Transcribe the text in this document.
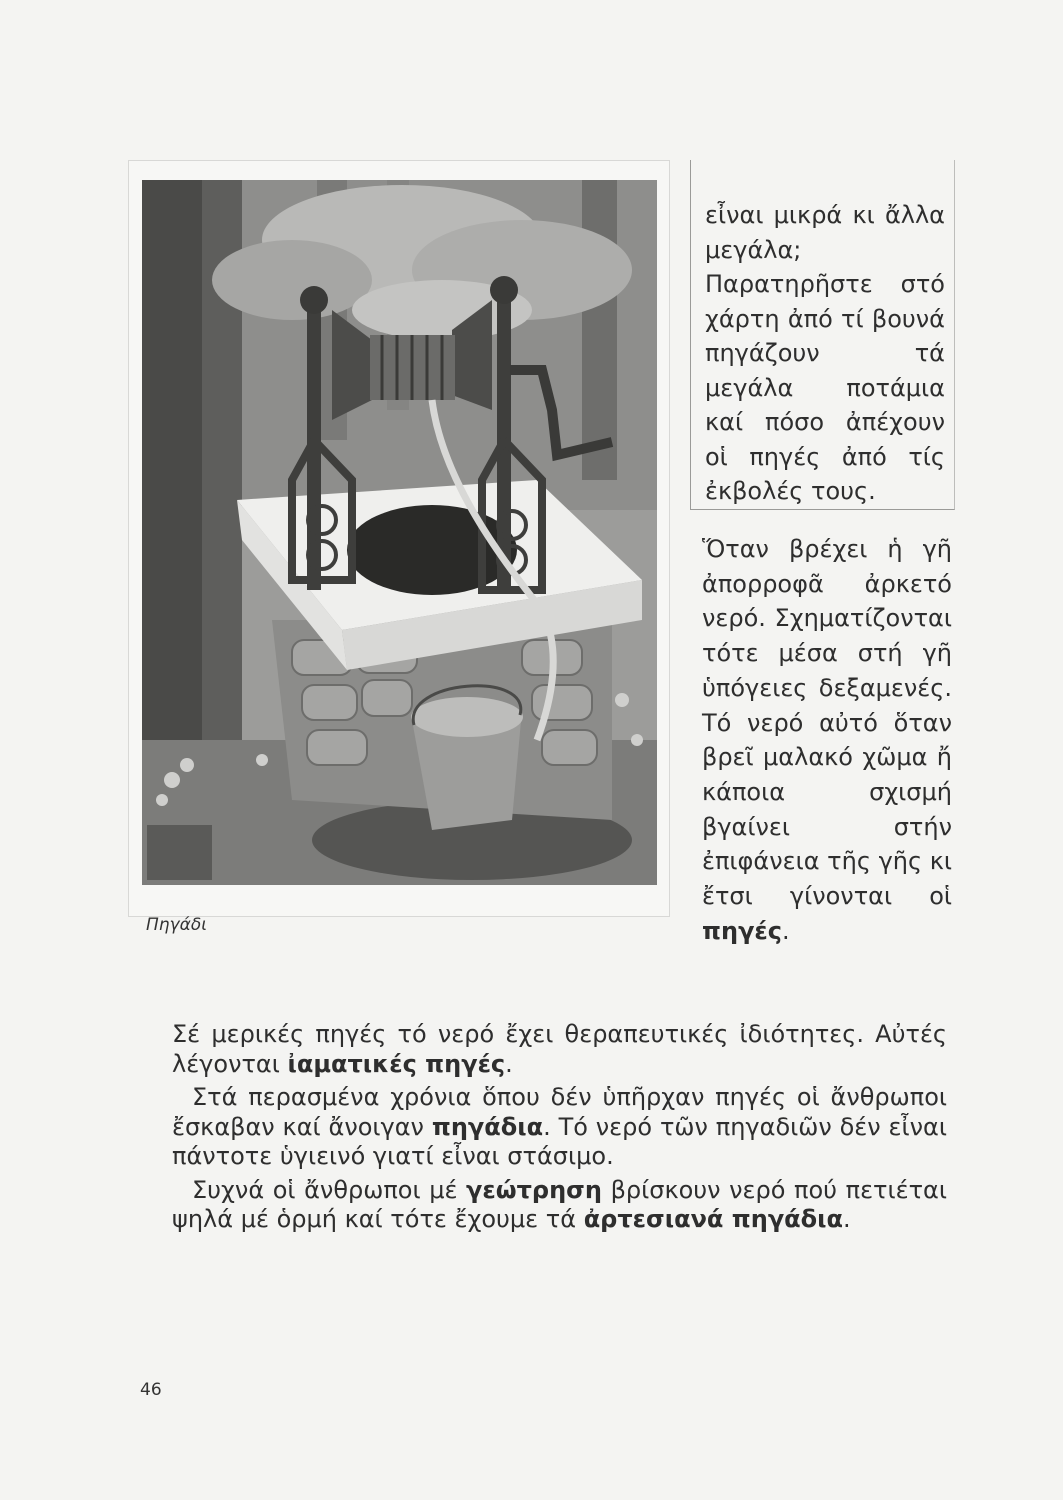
Πηγάδι

εἶναι μικρά κι ἄλλα μεγάλα; Παρατηρῆστε στό χάρτη ἀπό τί βουνά πηγάζουν τά μεγάλα ποτάμια καί πόσο ἀπέχουν οἱ πηγές ἀπό τίς ἐκβολές τους.

Ὅταν βρέχει ἡ γῆ ἀπορροφᾶ ἀρκετό νερό. Σχηματίζονται τότε μέσα στή γῆ ὑπόγειες δεξαμενές. Τό νερό αὐτό ὅταν βρεῖ μαλακό χῶμα ἤ κάποια σχισμή βγαίνει στήν ἐπιφάνεια τῆς γῆς κι ἔτσι γίνονται οἱ πηγές.

Σέ μερικές πηγές τό νερό ἔχει θεραπευτικές ἰδιότητες. Αὐτές λέγονται ἰαματικές πηγές.

Στά περασμένα χρόνια ὅπου δέν ὑπῆρχαν πηγές οἱ ἄνθρωποι ἔσκαβαν καί ἄνοιγαν πηγάδια. Τό νερό τῶν πηγαδιῶν δέν εἶναι πάντοτε ὑγιεινό γιατί εἶναι στάσιμο.

Συχνά οἱ ἄνθρωποι μέ γεώτρηση βρίσκουν νερό πού πετιέται ψηλά μέ ὁρμή καί τότε ἔχουμε τά ἀρτεσιανά πηγάδια.

46
